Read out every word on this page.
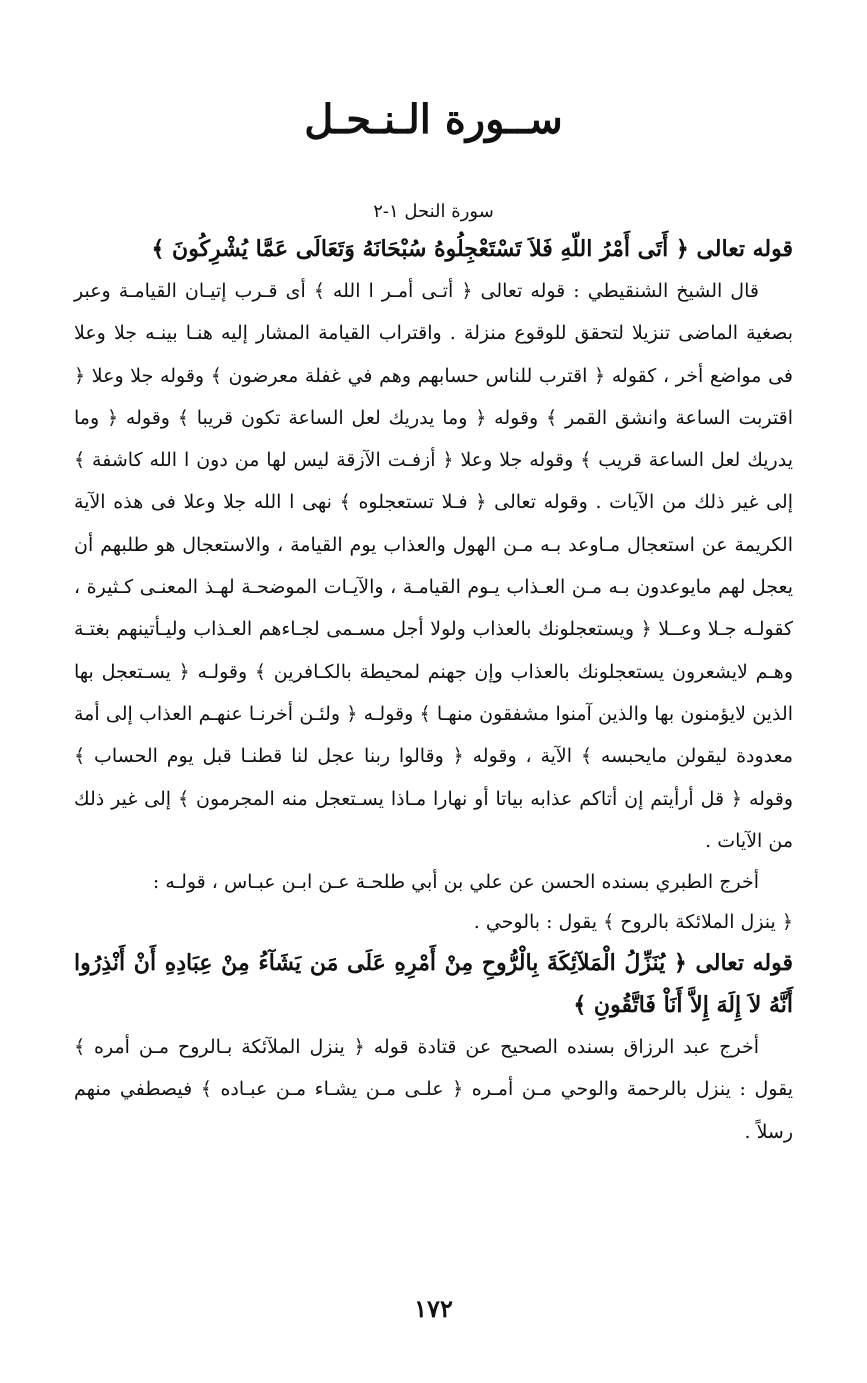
ســورة الـنـحـل

سورة النحل ١-٢

قوله تعالى ﴿ أَتَى أَمْرُ اللّهِ فَلاَ تَسْتَعْجِلُوهُ سُبْحَانَهُ وَتَعَالَى عَمَّا يُشْرِكُونَ ﴾

قال الشيخ الشنقيطي : قوله تعالى ﴿ أتـى أمـر ا الله ﴾ أى قـرب إتيـان القيامـة وعبر بصغية الماضى تنزيلا لتحقق للوقوع منزلة . واقتراب القيامة المشار إليه هنـا بينـه جلا وعلا فى مواضع أخر ، كقوله ﴿ اقترب للناس حسابهم وهم في غفلة معرضون ﴾ وقوله جلا وعلا ﴿ اقتربت الساعة وانشق القمر ﴾ وقوله ﴿ وما يدريك لعل الساعة تكون قريبا ﴾ وقوله ﴿ وما يدريك لعل الساعة قريب ﴾ وقوله جلا وعلا ﴿ أزفـت الآزقة ليس لها من دون ا الله كاشفة ﴾ إلى غير ذلك من الآيات . وقوله تعالى ﴿ فـلا تستعجلوه ﴾ نهى ا الله جلا وعلا فى هذه الآية الكريمة عن استعجال مـاوعد بـه مـن الهول والعذاب يوم القيامة ، والاستعجال هو طلبهم أن يعجل لهم مايوعدون بـه مـن العـذاب يـوم القيامـة ، والآيـات الموضحـة لهـذ المعنـى كـثيرة ، كقولـه جـلا وعــلا ﴿ ويستعجلونك بالعذاب ولولا أجل مسـمى لجـاءهم العـذاب وليـأتينهم بغتـة وهـم لايشعرون يستعجلونك بالعذاب وإن جهنم لمحيطة بالكـافرين ﴾ وقولـه ﴿ يسـتعجل بها الذين لايؤمنون بها والذين آمنوا مشفقون منهـا ﴾ وقولـه ﴿ ولئـن أخرنـا عنهـم العذاب إلى أمة معدودة ليقولن مايحبسه ﴾ الآية ، وقوله ﴿ وقالوا ربنا عجل لنا قطنـا قبل يوم الحساب ﴾ وقوله ﴿ قل أرأيتم إن أتاكم عذابه بياتا أو نهارا مـاذا يسـتعجل منه المجرمون ﴾ إلى غير ذلك من الآيات .

أخرج الطبري بسنده الحسن عن علي بن أبي طلحـة عـن ابـن عبـاس ، قولـه :

﴿ ينزل الملائكة بالروح ﴾ يقول : بالوحي .

قوله تعالى ﴿ يُنَزِّلُ الْمَلآئِكَةَ بِالْرُّوحِ مِنْ أَمْرِهِ عَلَى مَن يَشَآءُ مِنْ عِبَادِهِ أَنْ أَنْذِرُوا أَنَّهُ لاَ إِلَهَ إِلاَّ أَنَاْ فَاتَّقُونِ ﴾

أخرج عبد الرزاق بسنده الصحيح عن قتادة قوله ﴿ ينزل الملآئكة بـالروح مـن أمره ﴾ يقول : ينزل بالرحمة والوحي مـن أمـره ﴿ علـى مـن يشـاء مـن عبـاده ﴾ فيصطفي منهم رسلاً .

١٧٢
